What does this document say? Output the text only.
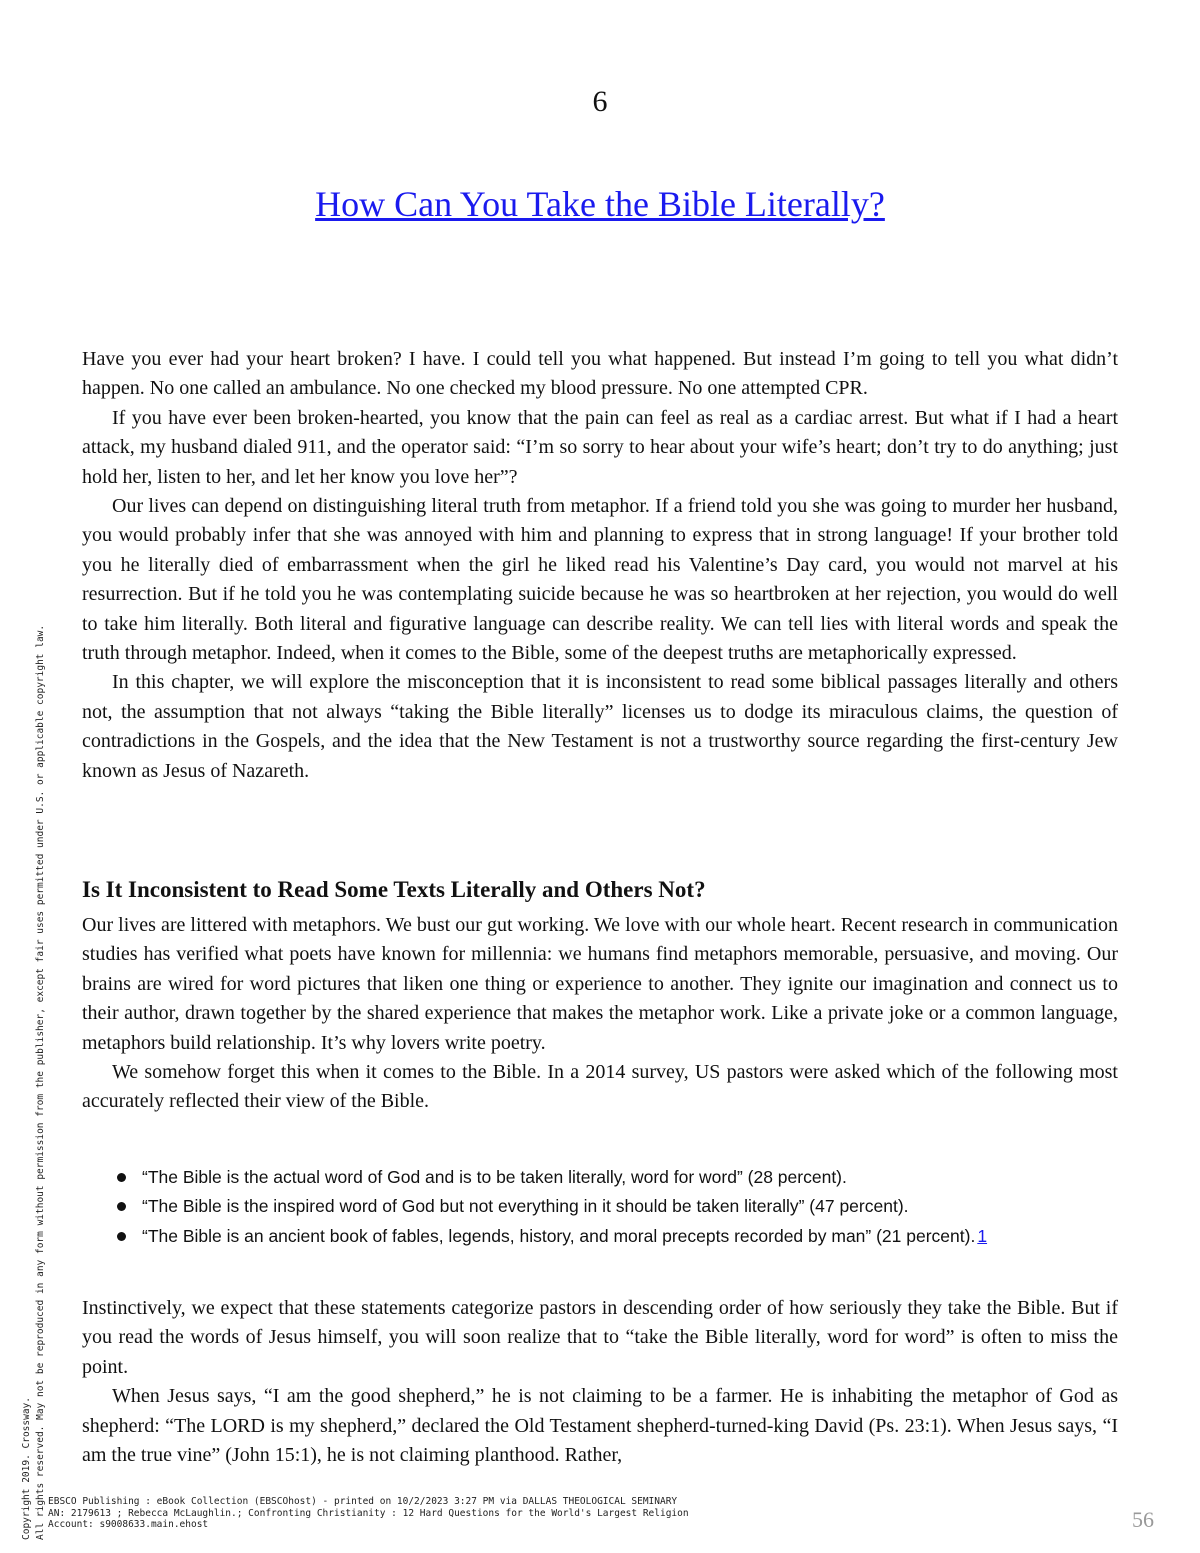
6
How Can You Take the Bible Literally?

Have you ever had your heart broken? I have. I could tell you what happened. But instead I’m going to tell you what didn’t happen. No one called an ambulance. No one checked my blood pressure. No one attempted CPR.

If you have ever been broken-hearted, you know that the pain can feel as real as a cardiac arrest. But what if I had a heart attack, my husband dialed 911, and the operator said: “I’m so sorry to hear about your wife’s heart; don’t try to do anything; just hold her, listen to her, and let her know you love her”?

Our lives can depend on distinguishing literal truth from metaphor. If a friend told you she was going to murder her husband, you would probably infer that she was annoyed with him and planning to express that in strong language! If your brother told you he literally died of embarrassment when the girl he liked read his Valentine’s Day card, you would not marvel at his resurrection. But if he told you he was contemplating suicide because he was so heartbroken at her rejection, you would do well to take him literally. Both literal and figurative language can describe reality. We can tell lies with literal words and speak the truth through metaphor. Indeed, when it comes to the Bible, some of the deepest truths are metaphorically expressed.

In this chapter, we will explore the misconception that it is inconsistent to read some biblical passages literally and others not, the assumption that not always “taking the Bible literally” licenses us to dodge its miraculous claims, the question of contradictions in the Gospels, and the idea that the New Testament is not a trustworthy source regarding the first-century Jew known as Jesus of Nazareth.

Is It Inconsistent to Read Some Texts Literally and Others Not?

Our lives are littered with metaphors. We bust our gut working. We love with our whole heart. Recent research in communication studies has verified what poets have known for millennia: we humans find metaphors memorable, persuasive, and moving. Our brains are wired for word pictures that liken one thing or experience to another. They ignite our imagination and connect us to their author, drawn together by the shared experience that makes the metaphor work. Like a private joke or a common language, metaphors build relationship. It’s why lovers write poetry.

We somehow forget this when it comes to the Bible. In a 2014 survey, US pastors were asked which of the following most accurately reflected their view of the Bible.

“The Bible is the actual word of God and is to be taken literally, word for word” (28 percent).
“The Bible is the inspired word of God but not everything in it should be taken literally” (47 percent).
“The Bible is an ancient book of fables, legends, history, and moral precepts recorded by man” (21 percent). 1

Instinctively, we expect that these statements categorize pastors in descending order of how seriously they take the Bible. But if you read the words of Jesus himself, you will soon realize that to “take the Bible literally, word for word” is often to miss the point.

When Jesus says, “I am the good shepherd,” he is not claiming to be a farmer. He is inhabiting the metaphor of God as shepherd: “The LORD is my shepherd,” declared the Old Testament shepherd-turned-king David (Ps. 23:1). When Jesus says, “I am the true vine” (John 15:1), he is not claiming planthood. Rather,

Copyright 2019. Crossway. All rights reserved. May not be reproduced in any form without permission from the publisher, except fair uses permitted under U.S. or applicable copyright law. EBSCO Publishing : eBook Collection (EBSCOhost) - printed on 10/2/2023 3:27 PM via DALLAS THEOLOGICAL SEMINARY
AN: 2179613 ; Rebecca McLaughlin.; Confronting Christianity : 12 Hard Questions for the World's Largest Religion
Account: s9008633.main.ehost	56
